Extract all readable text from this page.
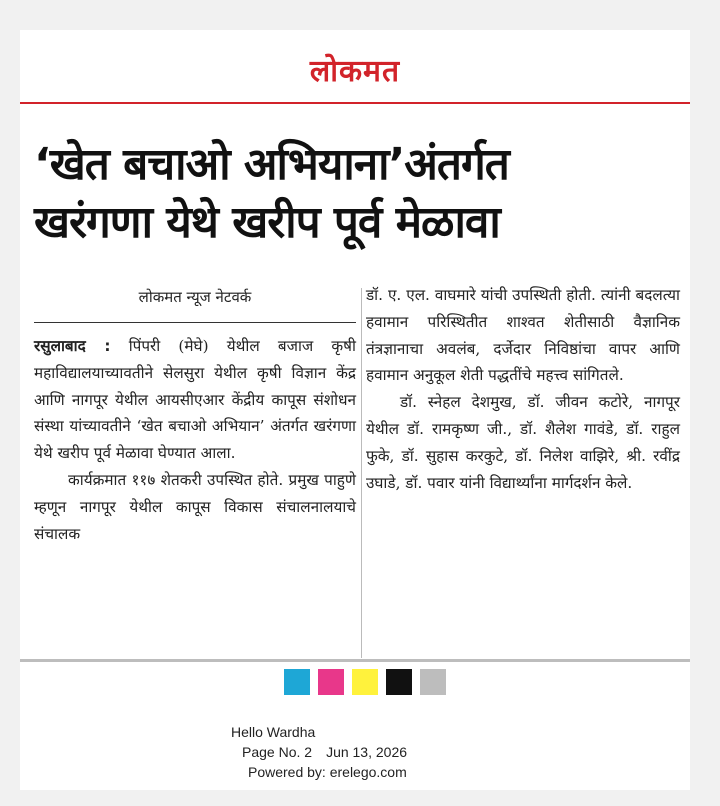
लोकमत
‘खेत बचाओ अभियाना’अंतर्गत
खरंगणा येथे खरीप पूर्व मेळावा
लोकमत न्यूज नेटवर्क

रसुलाबाद : पिंपरी (मेघे) येथील बजाज कृषी महाविद्यालयाच्यावतीने सेलसुरा येथील कृषी विज्ञान केंद्र आणि नागपूर येथील आयसीएआर केंद्रीय कापूस संशोधन संस्था यांच्यावतीने ‘खेत बचाओ अभियान’ अंतर्गत खरंगणा येथे खरीप पूर्व मेळावा घेण्यात आला.

कार्यक्रमात ११७ शेतकरी उपस्थित होते. प्रमुख पाहुणे म्हणून नागपूर येथील कापूस विकास संचालनालयाचे संचालक

डॉ. ए. एल. वाघमारे यांची उपस्थिती होती. त्यांनी बदलत्या हवामान परिस्थितीत शाश्वत शेतीसाठी वैज्ञानिक तंत्रज्ञानाचा अवलंब, दर्जेदार निविष्ठांचा वापर आणि हवामान अनुकूल शेती पद्धतींचे महत्त्व सांगितले.

डॉ. स्नेहल देशमुख, डॉ. जीवन कटोरे, नागपूर येथील डॉ. रामकृष्ण जी., डॉ. शैलेश गावंडे, डॉ. राहुल फुके, डॉ. सुहास करकुटे, डॉ. निलेश वाझिरे, श्री. रवींद्र उघाडे, डॉ. पवार यांनी विद्यार्थ्यांना मार्गदर्शन केले.

Hello Wardha
Page No. 2 Jun 13, 2026
Powered by: erelego.com
